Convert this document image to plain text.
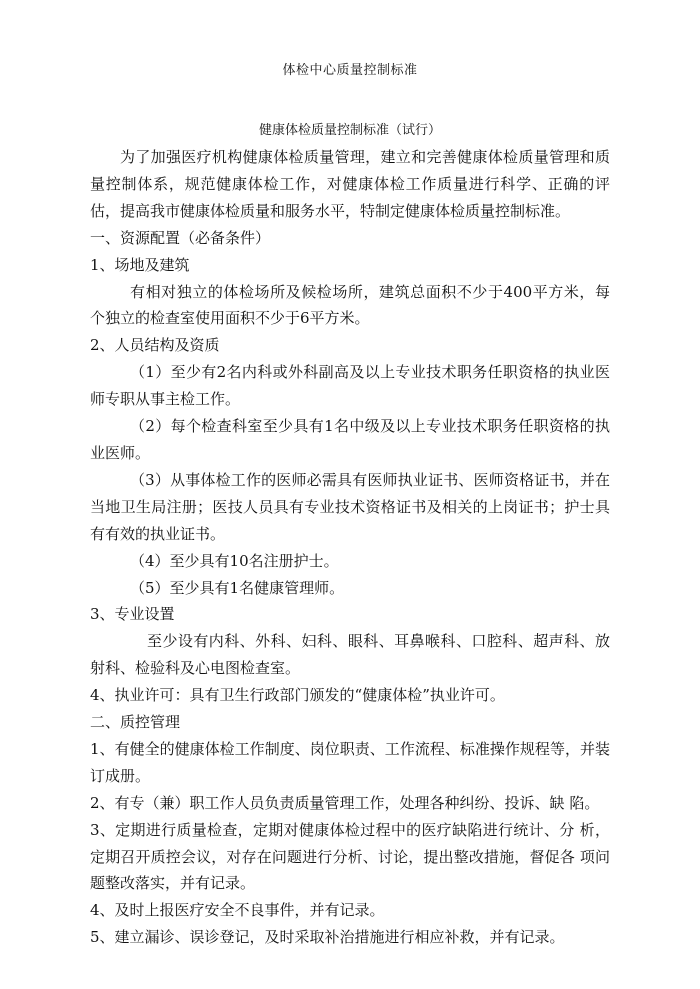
体检中心质量控制标准
健康体检质量控制标准（试行）

为了加强医疗机构健康体检质量管理，建立和完善健康体检质量管理和质 量控制体系，规范健康体检工作，对健康体检工作质量进行科学、正确的评估，提高我市健康体检质量和服务水平，特制定健康体检质量控制标准。

一、资源配置（必备条件）

1、场地及建筑

有相对独立的体检场所及候检场所，建筑总面积不少于400平方米，每 个独立的检查室使用面积不少于6平方米。

2、人员结构及资质

（1）至少有2名内科或外科副高及以上专业技术职务任职资格的执业医 师专职从事主检工作。

（2）每个检查科室至少具有1名中级及以上专业技术职务任职资格的执 业医师。

（3）从事体检工作的医师必需具有医师执业证书、医师资格证书，并在 当地卫生局注册；医技人员具有专业技术资格证书及相关的上岗证书；护士具 有有效的执业证书。

（4）至少具有10名注册护士。

（5）至少具有1名健康管理师。

3、专业设置

至少设有内科、外科、妇科、眼科、耳鼻喉科、口腔科、超声科、放 射科、检验科及心电图检查室。

4、执业许可：具有卫生行政部门颁发的“健康体检”执业许可。

二、质控管理

1、有健全的健康体检工作制度、岗位职责、工作流程、标准操作规程等，并装订成册。

2、有专（兼）职工作人员负责质量管理工作，处理各种纠纷、投诉、缺 陷。

3、定期进行质量检查，定期对健康体检过程中的医疗缺陷进行统计、分 析，定期召开质控会议，对存在问题进行分析、讨论，提出整改措施，督促各 项问题整改落实，并有记录。

4、及时上报医疗安全不良事件，并有记录。

5、建立漏诊、误诊登记，及时采取补治措施进行相应补救，并有记录。
